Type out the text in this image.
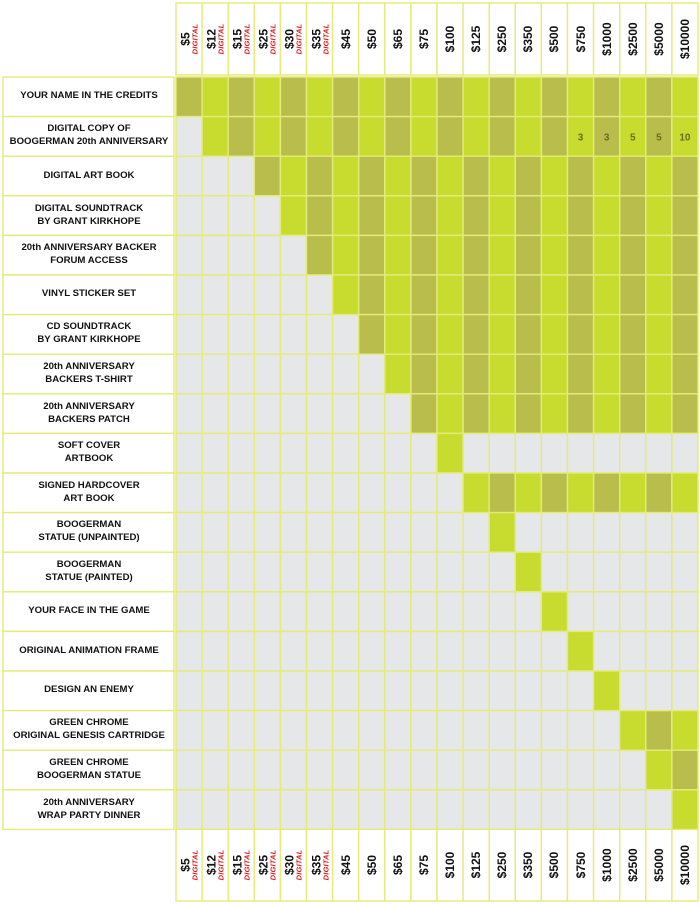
3 3 5 5 10
YOUR NAME IN THE CREDITS
DIGITAL COPY OF
BOOGERMAN 20th ANNIVERSARY
DIGITAL ART BOOK
DIGITAL SOUNDTRACK
BY GRANT KIRKHOPE
20th ANNIVERSARY BACKER
FORUM ACCESS
VINYL STICKER SET
CD SOUNDTRACK
BY GRANT KIRKHOPE
20th ANNIVERSARY
BACKERS T-SHIRT
20th ANNIVERSARY
BACKERS PATCH
SOFT COVER
ARTBOOK
SIGNED HARDCOVER
ART BOOK
BOOGERMAN
STATUE (UNPAINTED)
BOOGERMAN
STATUE (PAINTED)
YOUR FACE IN THE GAME
ORIGINAL ANIMATION FRAME
DESIGN AN ENEMY
GREEN CHROME
ORIGINAL GENESIS CARTRIDGE
GREEN CHROME
BOOGERMAN STATUE
20th ANNIVERSARY
WRAP PARTY DINNER
$5
DIGITAL $12
DIGITAL $15
DIGITAL $25
DIGITAL $30
DIGITAL $35
DIGITAL $45 $50 $65 $75 $100 $125 $250 $350 $500 $750 $1000 $2500 $5000 $10000
$5
DIGITAL $12
DIGITAL $15
DIGITAL $25
DIGITAL $30
DIGITAL $35
DIGITAL $45 $50 $65 $75 $100 $125 $250 $350 $500 $750 $1000 $2500 $5000 $10000
